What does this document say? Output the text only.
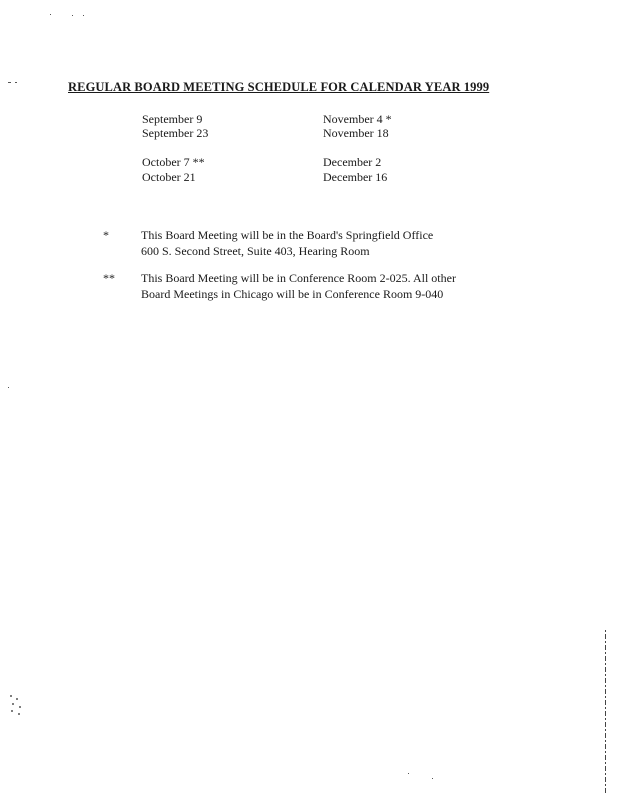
REGULAR BOARD MEETING SCHEDULE FOR CALENDAR YEAR 1999
September 9
September 23
October 7 **
October 21
November 4 *
November 18
December 2
December 16
*	This Board Meeting will be in the Board's Springfield Office
600 S. Second Street, Suite 403, Hearing Room
** This Board Meeting will be in Conference Room 2-025. All other
Board Meetings in Chicago will be in Conference Room 9-040
